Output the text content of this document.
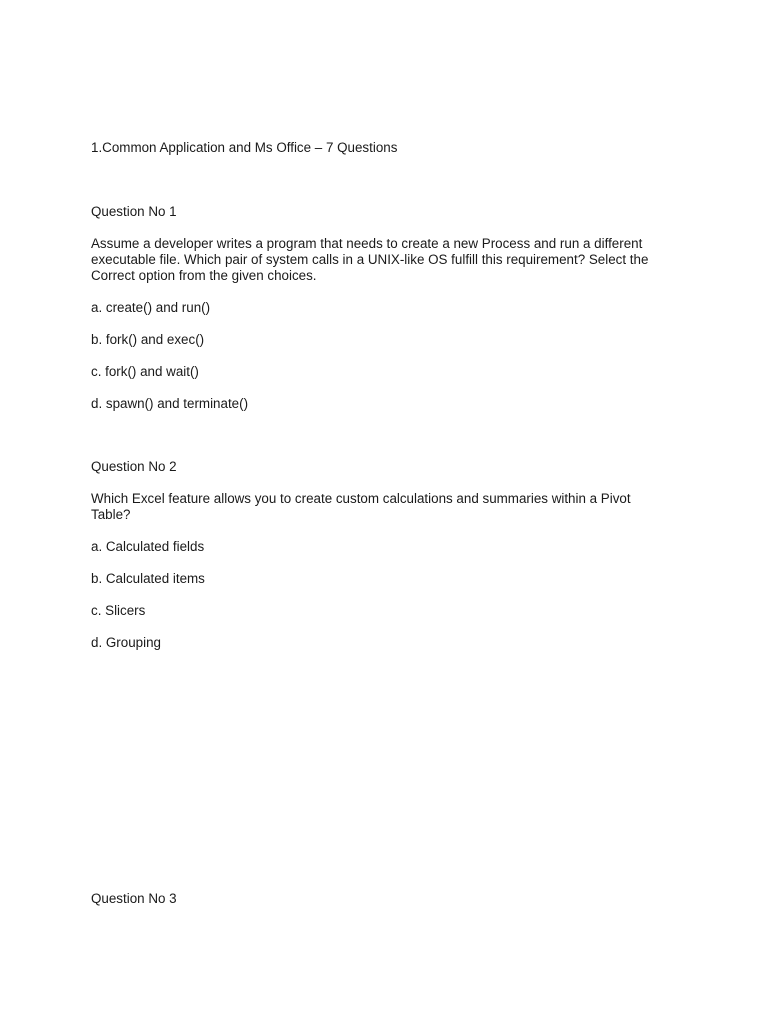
1.Common Application and Ms Office – 7 Questions

Question No 1

Assume a developer writes a program that needs to create a new Process and run a different
executable file. Which pair of system calls in a UNIX-like OS fulfill this requirement? Select the
Correct option from the given choices.

a. create() and run()

b. fork() and exec()

c. fork() and wait()

d. spawn() and terminate()

Question No 2

Which Excel feature allows you to create custom calculations and summaries within a Pivot
Table?

a. Calculated fields

b. Calculated items

c. Slicers

d. Grouping

Question No 3
